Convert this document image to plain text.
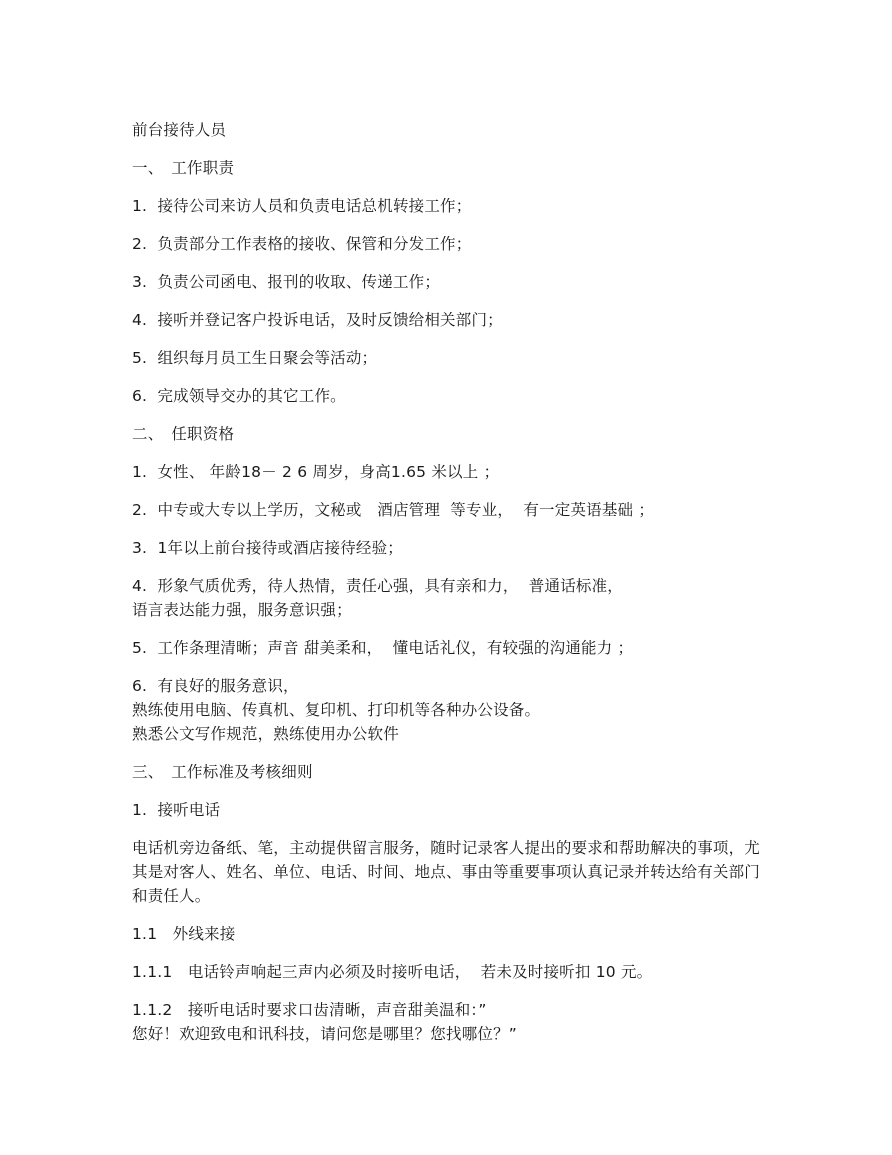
前台接待人员
一、　工作职责
1.  接待公司来访人员和负责电话总机转接工作；
2.  负责部分工作表格的接收、保管和分发工作；
3.  负责公司函电、报刊的收取、传递工作；
4.  接听并登记客户投诉电话，及时反馈给相关部门；
5.  组织每月员工生日聚会等活动；
6.  完成领导交办的其它工作。
二、　任职资格
1.  女性、 年龄18－ 2 6 周岁，身高1.65 米以上 ；
2.  中专或大专以上学历，文秘或　酒店管理  等专业，  有一定英语基础 ；
3.  1年以上前台接待或酒店接待经验；
4.  形象气质优秀，待人热情，责任心强，具有亲和力，  普通话标准，
语言表达能力强，服务意识强；
5.  工作条理清晰；声音 甜美柔和，  懂电话礼仪，有较强的沟通能力 ；
6.  有良好的服务意识，
熟练使用电脑、传真机、复印机、打印机等各种办公设备。
熟悉公文写作规范，熟练使用办公软件
三、　工作标准及考核细则
1.  接听电话
电话机旁边备纸、笔，主动提供留言服务，随时记录客人提出的要求和帮助解决的事项，尤其是对客人、姓名、单位、电话、时间、地点、事由等重要事项认真记录并转达给有关部门和责任人。
1.1   外线来接
1.1.1   电话铃声响起三声内必须及时接听电话，  若未及时接听扣 10 元。
1.1.2   接听电话时要求口齿清晰，声音甜美温和：”
您好！欢迎致电和讯科技，请问您是哪里？您找哪位？”
